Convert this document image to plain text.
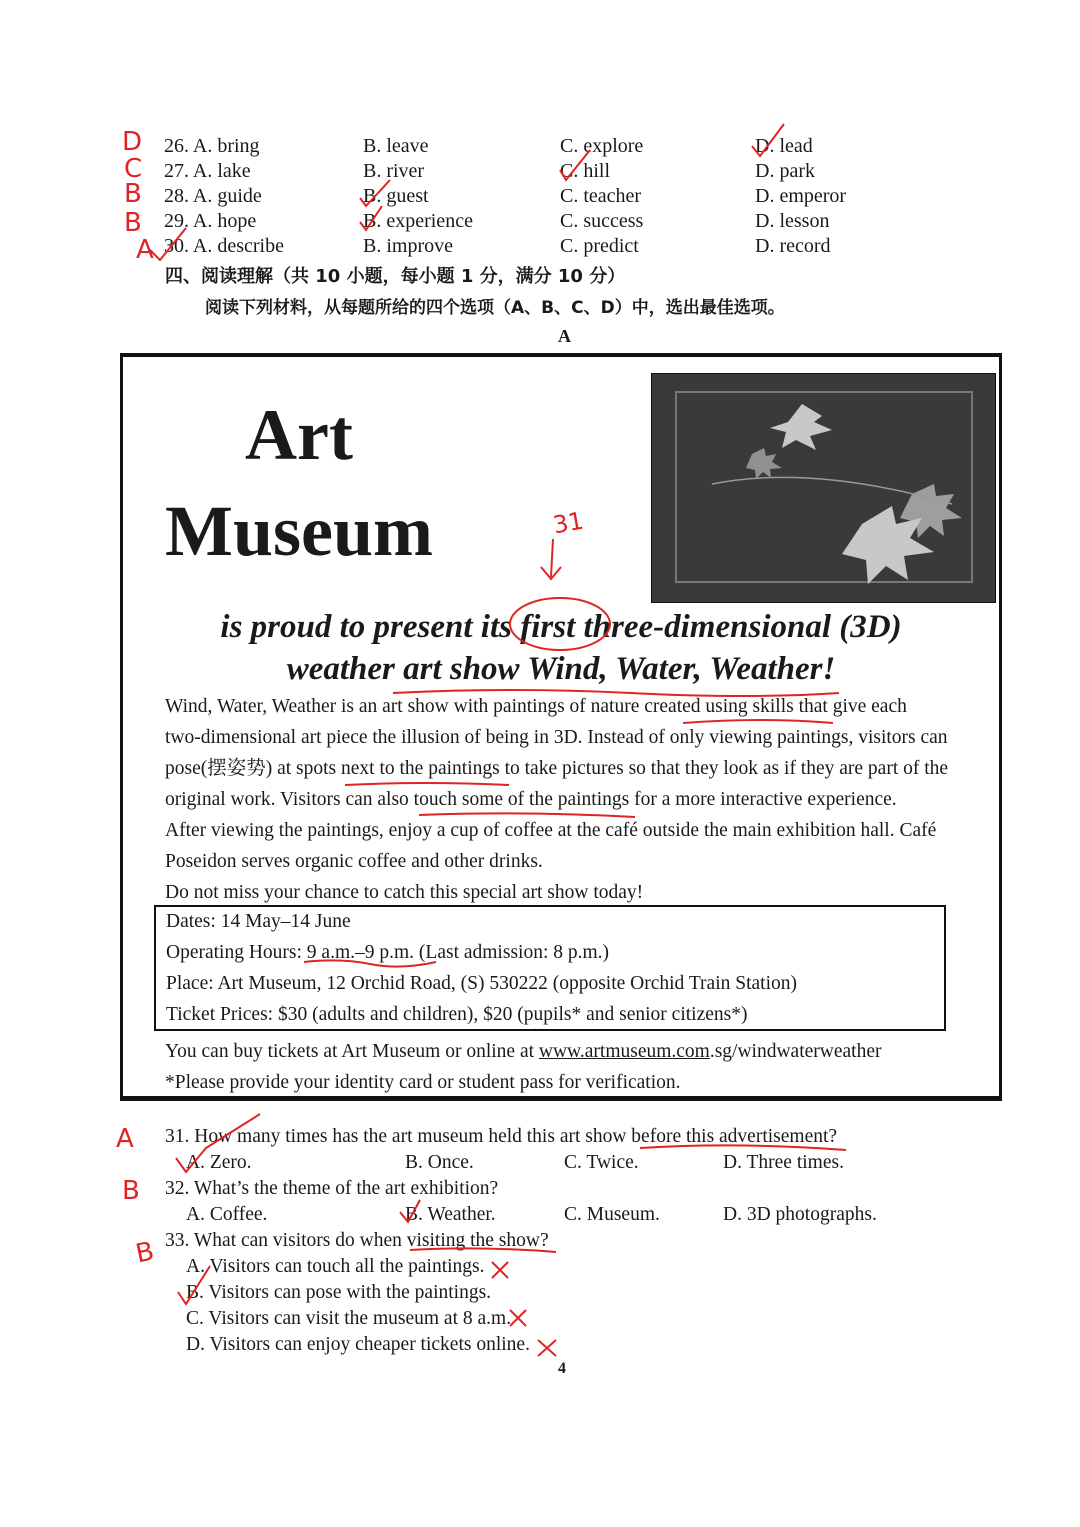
D 26. A. bring	B. leave	C. explore	D. lead
C 27. A. lake	B. river	C. hill	D. park
B 28. A. guide	B. guest	C. teacher	D. emperor
B 29. A. hope	B. experience	C. success	D. lesson
A 30. A. describe	B. improve	C. predict	D. record
四、阅读理解（共 10 小题，每小题 1 分，满分 10 分）
阅读下列材料，从每题所给的四个选项（A、B、C、D）中，选出最佳选项。
A
Art
Museum	31
is proud to present its first three-dimensional (3D)
weather art show Wind, Water, Weather!
Wind, Water, Weather is an art show with paintings of nature created using skills that give each
two-dimensional art piece the illusion of being in 3D. Instead of only viewing paintings, visitors can
pose(摆姿势) at spots next to the paintings to take pictures so that they look as if they are part of the
original work. Visitors can also touch some of the paintings for a more interactive experience.
After viewing the paintings, enjoy a cup of coffee at the café outside the main exhibition hall. Café
Poseidon serves organic coffee and other drinks.
Do not miss your chance to catch this special art show today!
You can buy tickets at Art Museum or online at www.artmuseum.com.sg/windwaterweather
*Please provide your identity card or student pass for verification.
Dates: 14 May–14 June
Operating Hours: 9 a.m.–9 p.m. (Last admission: 8 p.m.)
Place: Art Museum, 12 Orchid Road, (S) 530222 (opposite Orchid Train Station)
Ticket Prices: $30 (adults and children), $20 (pupils* and senior citizens*)
31. How many times has the art museum held this art show before this advertisement?
A
A. Zero.	B. Once.	C. Twice.	D. Three times.
32. What’s the theme of the art exhibition?
B
A. Coffee.	B. Weather.	C. Museum.	D. 3D photographs.
33. What can visitors do when visiting the show?
B A. Visitors can touch all the paintings.
B. Visitors can pose with the paintings.
C. Visitors can visit the museum at 8 a.m.
D. Visitors can enjoy cheaper tickets online.
4
